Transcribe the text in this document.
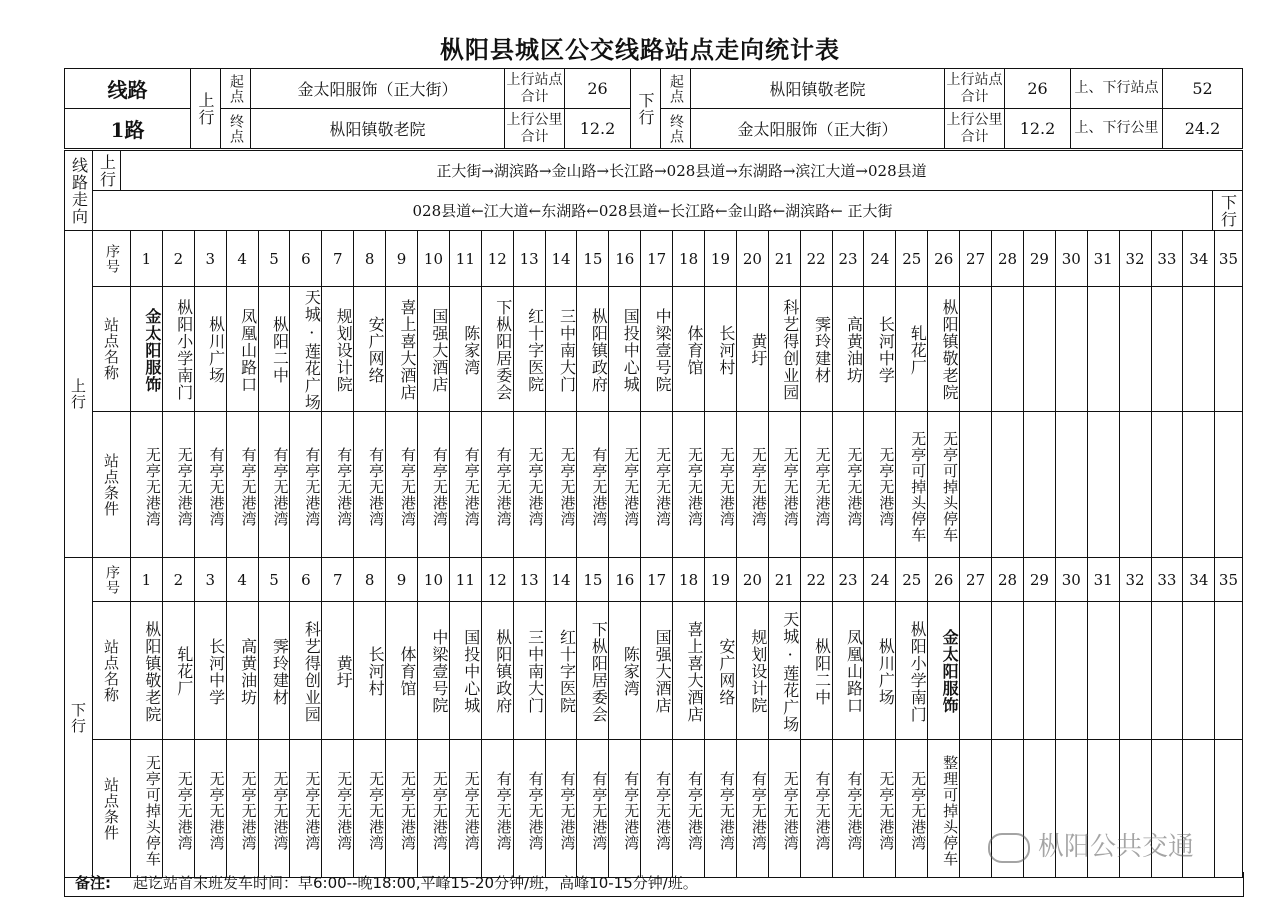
枞阳县城区公交线路站点走向统计表
线路	上行	起点	金太阳服饰（正大街）	上行站点合计	26	下行	起点	枞阳镇敬老院	上行站点合计	26	上、下行站点	52
1路		终点	枞阳镇敬老院	上行公里合计	12.2		终点	金太阳服饰（正大街）	上行公里合计	12.2	上、下行公里	24.2
线路走向	上行	正大街→湖滨路→金山路→长江路→028县道→东湖路→滨江大道→028县道	
	028县道←江大道←东湖路←028县道←长江路←金山路←湖滨路← 正大街		下行
上行	序号	1	2	3	4	5	6	7	8	9	10	11	12	13	14	15	16	17	18	19	20	21	22	23	24	25	26	27	28	29	30	31	32	33	34	35
	站点名称	金太阳服饰	枞阳小学南门	枞川广场	凤凰山路口	枞阳二中	天城·莲花广场	规划设计院	安广网络	喜上喜大酒店	国强大酒店	陈家湾	下枞阳居委会	红十字医院	三中南大门	枞阳镇政府	国投中心城	中梁壹号院	体育馆	长河村	黄圩	科艺得创业园	霁玲建材	高黄油坊	长河中学	轧花厂	枞阳镇敬老院									
	站点条件	无亭无港湾	无亭无港湾	有亭无港湾	有亭无港湾	有亭无港湾	有亭无港湾	有亭无港湾	有亭无港湾	有亭无港湾	有亭无港湾	有亭无港湾	有亭无港湾	无亭无港湾	无亭无港湾	有亭无港湾	无亭无港湾	无亭无港湾	无亭无港湾	无亭无港湾	无亭无港湾	无亭无港湾	无亭无港湾	无亭无港湾	无亭无港湾	无亭可掉头停车	无亭可掉头停车									
下行	序号	1	2	3	4	5	6	7	8	9	10	11	12	13	14	15	16	17	18	19	20	21	22	23	24	25	26	27	28	29	30	31	32	33	34	35
	站点名称	枞阳镇敬老院	轧花厂	长河中学	高黄油坊	霁玲建材	科艺得创业园	黄圩	长河村	体育馆	中梁壹号院	国投中心城	枞阳镇政府	三中南大门	红十字医院	下枞阳居委会	陈家湾	国强大酒店	喜上喜大酒店	安广网络	规划设计院	天城·莲花广场	枞阳二中	凤凰山路口	枞川广场	枞阳小学南门	金太阳服饰									
	站点条件	无亭可掉头停车	无亭无港湾	无亭无港湾	无亭无港湾	无亭无港湾	无亭无港湾	无亭无港湾	无亭无港湾	无亭无港湾	无亭无港湾	无亭无港湾	有亭无港湾	有亭无港湾	有亭无港湾	有亭无港湾	有亭无港湾	有亭无港湾	有亭无港湾	有亭无港湾	有亭无港湾	无亭无港湾	有亭无港湾	有亭无港湾	无亭无港湾	无亭无港湾	整理可掉头停车									
备注: 起讫站首末班发车时间：早6:00--晚18:00,平峰15-20分钟/班，高峰10-15分钟/班。
枞阳公共交通
